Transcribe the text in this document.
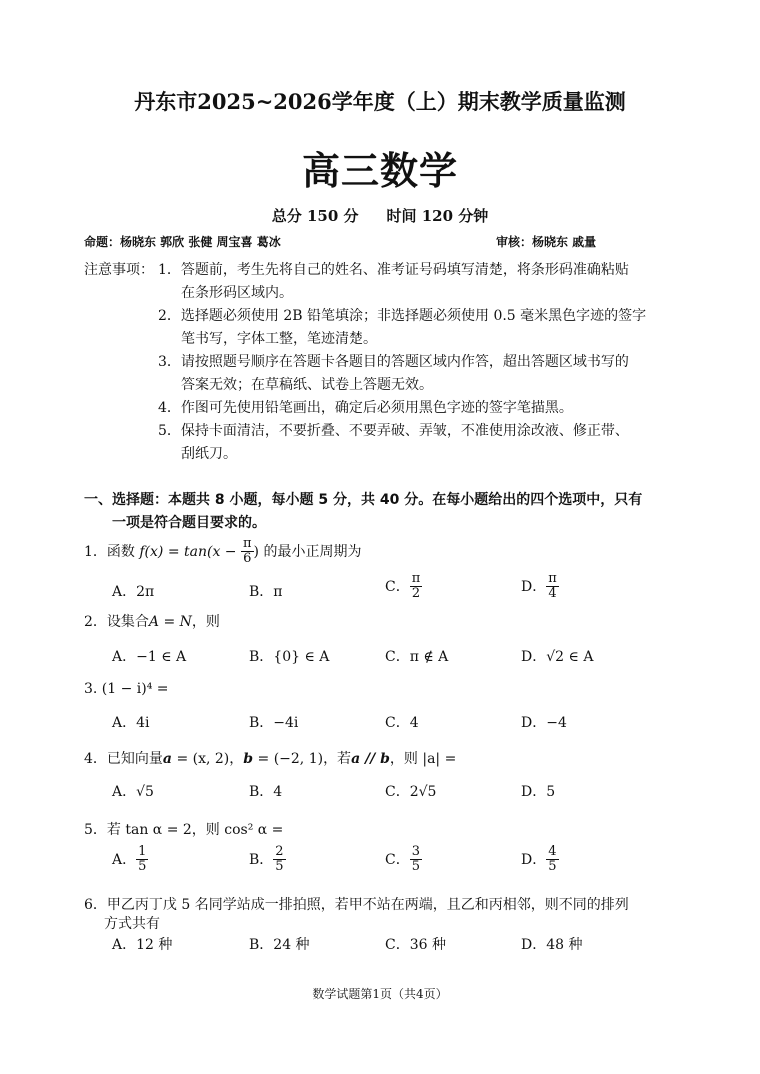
丹东市2025~2026学年度（上）期末教学质量监测
高三数学
总分 150 分 时间 120 分钟
命题：杨晓东 郭欣 张健 周宝喜 葛冰	审核：杨晓东 戚量
注意事项： 1．答题前，考生先将自己的姓名、准考证号码填写清楚，将条形码准确粘贴
在条形码区域内。
2．选择题必须使用 2B 铅笔填涂；非选择题必须使用 0.5 毫米黑色字迹的签字
笔书写，字体工整，笔迹清楚。
3．请按照题号顺序在答题卡各题目的答题区域内作答，超出答题区域书写的
答案无效；在草稿纸、试卷上答题无效。
4．作图可先使用铅笔画出，确定后必须用黑色字迹的签字笔描黑。
5．保持卡面清洁，不要折叠、不要弄破、弄皱，不准使用涂改液、修正带、
刮纸刀。
一、选择题：本题共 8 小题，每小题 5 分，共 40 分。在每小题给出的四个选项中，只有
一项是符合题目要求的。
1．函数 $f(x) = \tan(x - \frac{\pi}{6}$ ) 的最小正周期为
A．2π	B．π	C． $\frac{\pi}{2}$	D． $\frac{\pi}{4}$
2．设集合A = N，则
A．−1 ∈ A	B．{0} ∈ A	C．π ∉ A	D．√2 ∈ A
3. (1 − i)⁴ =
A．4i	B．−4i	C．4	D．−4
4．已知向量a = (x, 2)，b = (−2, 1)，若a // b，则 |a| =
A．√5	B．4	C．2√5	D．5
5．若 tan α = 2，则 cos² α =
A． $\frac{1}{5}$	B． $\frac{2}{5}$	C． $\frac{3}{5}$	D． $\frac{4}{5}$
6．甲乙丙丁戊 5 名同学站成一排拍照，若甲不站在两端，且乙和丙相邻，则不同的排列
方式共有
A．12 种	B．24 种	C．36 种	D．48 种
数学试题第1页（共4页）
